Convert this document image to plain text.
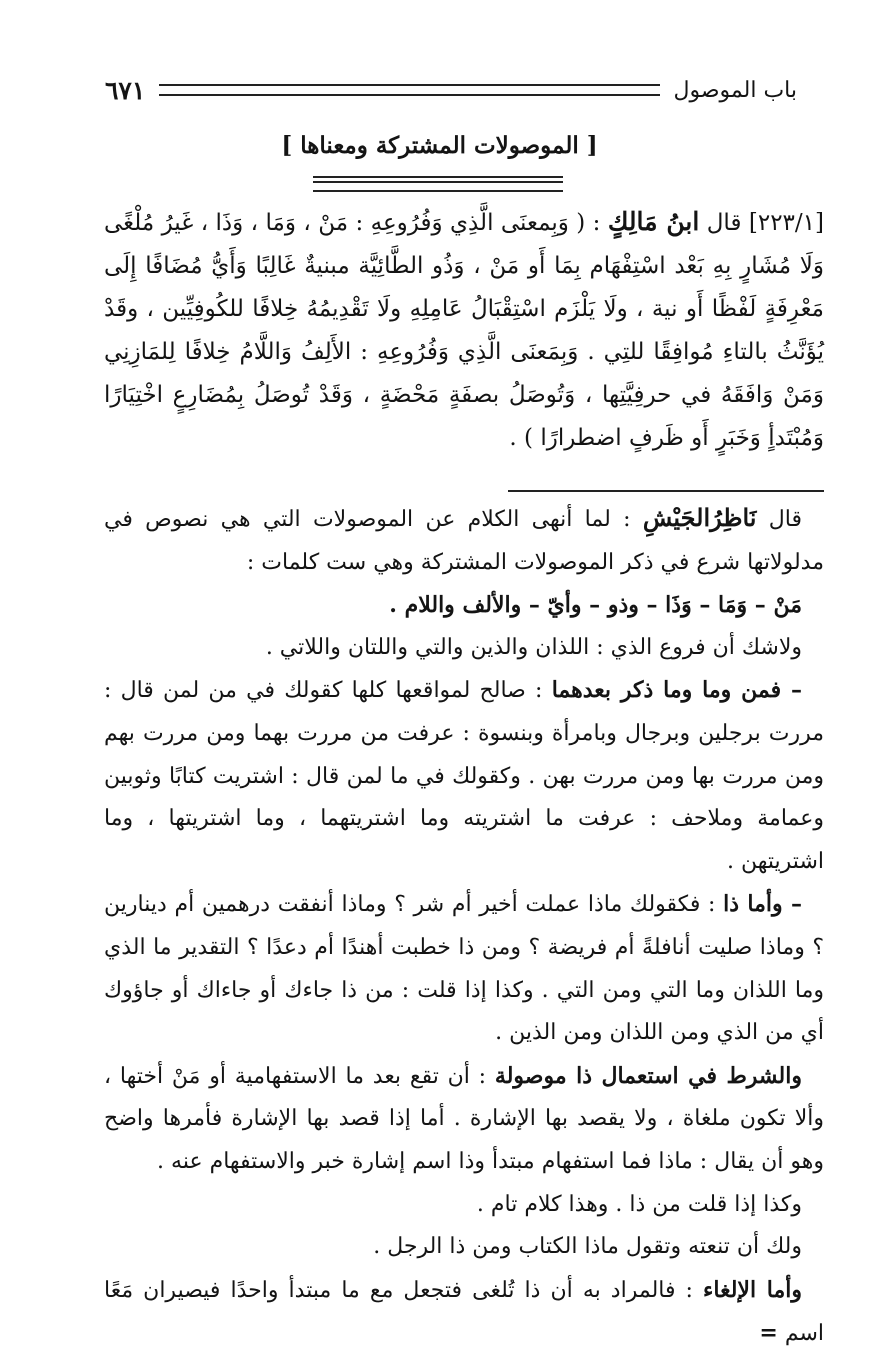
باب الموصول
٦٧١
[ الموصولات المشتركة ومعناها ]

[٢٢٣/١] قال ابنُ مَالِكٍ : ( وَبِمعنَى الَّذِي وَفُرُوعِهِ : مَنْ ، وَمَا ، وَذَا ، غَيرُ مُلْغًى وَلَا مُشَارٍ بِهِ بَعْد اسْتِفْهَام بِمَا أَو مَنْ ، وَذُو الطَّائِيَّة مبنيةٌ غَالِبًا وَأَيُّ مُضَافًا إِلَى مَعْرِفَةٍ لَفْظًا أَو نية ، ولَا يَلْزَم اسْتِقْبَالُ عَامِلِهِ ولَا تَقْدِيمُهُ خِلافًا للكُوفِيِّين ، وقَدْ يُؤَنَّثُ بالتاءِ مُوافِقًا للتِي . وَبِمَعنَى الَّذِي وَفُرُوعِهِ : الأَلِفُ وَاللَّامُ خِلافًا لِلمَازِنِي وَمَنْ وَافَقَهُ في حرفِيَّتِها ، وَتُوصَلُ بصفَةٍ مَحْضَةٍ ، وَقَدْ تُوصَلُ بِمُضَارِعٍ اخْتِيَارًا وَمُبْتَدأٍ وَخَبَرٍ أَو ظَرفٍ اضطرارًا ) .

قال نَاظِرُالجَيْشِ : لما أنهى الكلام عن الموصولات التي هي نصوص في مدلولاتها شرع في ذكر الموصولات المشتركة وهي ست كلمات :

مَنْ – وَمَا – وَذَا – وذو – وأيّ – والألف واللام .

ولاشك أن فروع الذي : اللذان والذين والتي واللتان واللاتي .

– فمن وما وما ذكر بعدهما : صالح لمواقعها كلها كقولك في من لمن قال : مررت برجلين وبرجال وبامرأة وبنسوة : عرفت من مررت بهما ومن مررت بهم ومن مررت بها ومن مررت بهن . وكقولك في ما لمن قال : اشتريت كتابًا وثوبين وعمامة وملاحف : عرفت ما اشتريته وما اشتريتهما ، وما اشتريتها ، وما اشتريتهن .

– وأما ذا : فكقولك ماذا عملت أخير أم شر ؟ وماذا أنفقت درهمين أم دينارين ؟ وماذا صليت أنافلةً أم فريضة ؟ ومن ذا خطبت أهندًا أم دعدًا ؟ التقدير ما الذي وما اللذان وما التي ومن التي . وكذا إذا قلت : من ذا جاءك أو جاءاك أو جاؤوك أي من الذي ومن اللذان ومن الذين .

والشرط في استعمال ذا موصولة : أن تقع بعد ما الاستفهامية أو مَنْ أختها ، وألا تكون ملغاة ، ولا يقصد بها الإشارة . أما إذا قصد بها الإشارة فأمرها واضح وهو أن يقال : ماذا فما استفهام مبتدأ وذا اسم إشارة خبر والاستفهام عنه .

وكذا إذا قلت من ذا . وهذا كلام تام .

ولك أن تنعته وتقول ماذا الكتاب ومن ذا الرجل .

وأما الإلغاء : فالمراد به أن ذا تُلغى فتجعل مع ما مبتدأ واحدًا فيصيران مَعًا اسم =
